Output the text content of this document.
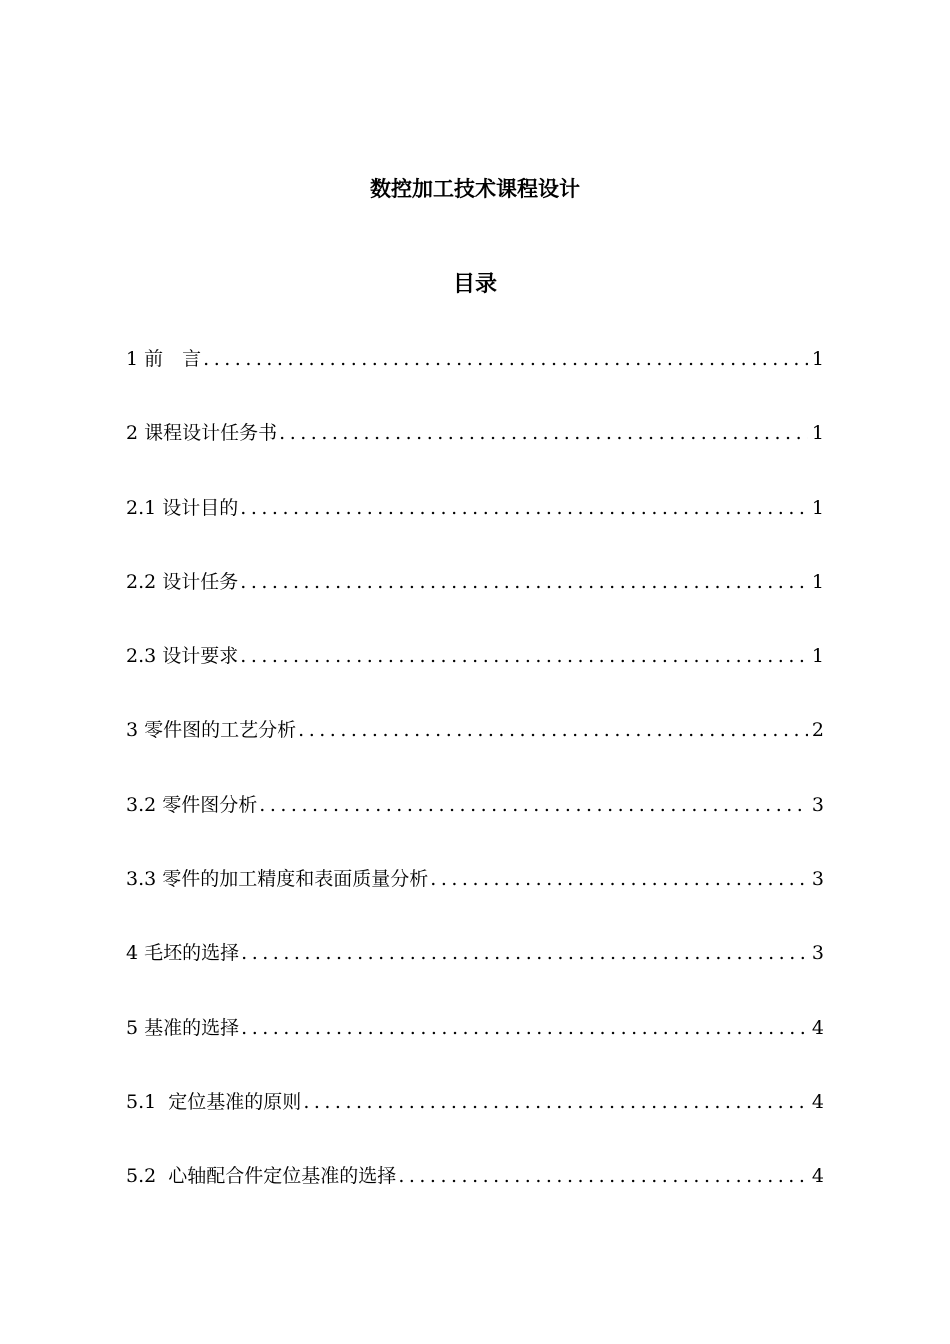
数控加工技术课程设计
目录
1 前　言 .....	1
2 课程设计任务书 .....	1
2.1 设计目的 .....	1
2.2 设计任务 .....	1
2.3 设计要求 .....	1
3 零件图的工艺分析 .....	2
3.2 零件图分析 .....	3
3.3 零件的加工精度和表面质量分析 .....	3
4 毛坯的选择 .....	3
5 基准的选择 .....	4
5.1 定位基准的原则 .....	4
5.2 心轴配合件定位基准的选择 .....	4
